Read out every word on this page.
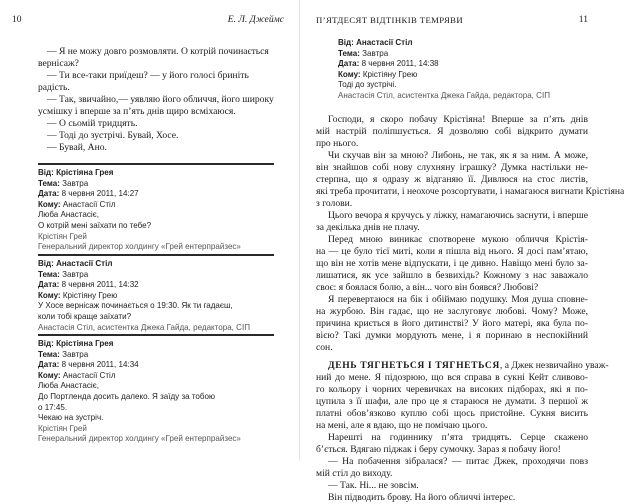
10	Е. Л. Джеймс

— Я не можу довго розмовляти. О котрій починається

вернісаж?

— Ти все-таки приїдеш? — у його голосі бриніть

радість.

— Так, звичайно,— уявляю його обличчя, його широку

усмішку і вперше за п’ять днів щиро всміхаюся.

— О сьомій тридцять.

— Тоді до зустрічі. Бувай, Хосе.

— Бувай, Ано.

Від: Крістіяна Грея
Тема: Завтра
Дата: 8 червня 2011, 14:27
Кому: Анастасії Стіл
Люба Анастасіє,
О котрій мені заїхати по тебе?
Крістіян Грей
Генеральний директор холдингу «Грей ентерпрайзес»
Від: Анастасії Стіл
Тема: Завтра
Дата: 8 червня 2011, 14:32
Кому: Крістіяну Грею
У Хосе вернісаж починається о 19:30. Як ти гадаєш,
коли тобі краще заїхати?
Анастасія Стіл, асистентка Джека Гайда, редактора, СІП
Від: Крістіяна Грея
Тема: Завтра
Дата: 8 червня 2011, 14:34
Кому: Анастасії Стіл
Люба Анастасіє,
До Портленда досить далеко. Я заїду за тобою
о 17:45.
Чекаю на зустріч.
Крістіян Грей
Генеральний директор холдингу «Грей ентерпрайзес»
П’ЯТДЕСЯТ ВІДТІНКІВ ТЕМРЯВИ	11
Від: Анастасії Стіл
Тема: Завтра
Дата: 8 червня 2011, 14:38
Кому: Крістіяну Грею
Тоді до зустрічі.
Анастасія Стіл, асистентка Джека Гайда, редактора, СІП
Господи, я скоро побачу Крістіяна! Вперше за п’ять днів
мій настрій поліпшується. Я дозволяю собі відкрито думати
про нього.
Чи скучав він за мною? Либонь, не так, як я за ним. А може,
він знайшов собі нову слухняну іграшку? Думка настільки не-
стерпна, що я одразу ж відганяю її. Дивлюся на стос листів,
які треба прочитати, і неохоче розсортувати, і намагаюся вигнати Крістіяна
з голови.
Цього вечора я кручусь у ліжку, намагаючись заснути, і вперше
за декілька днів не плачу.
Перед мною виникає спотворене мукою обличчя Крістія-
на — це було тієї миті, коли я пішла від нього. Я досі пам’ятаю,
що він не хотів мене відпускати, і це дивно. Навіщо мені було за-
лишатися, як усе зайшло в безвихідь? Кожному з нас заважало
своє: я боялася болю, а він... чого він боявся? Любові?
Я перевертаюся на бік і обіймаю подушку. Моя душа сповне-
на журбою. Він гадає, що не заслуговує любові. Чому? Може,
причина криється в його дитинстві? У його матері, яка була по-
вією? Такі думки мордують мене, і я поринаю в неспокійний
сон.
ДЕНЬ ТЯГНЕТЬСЯ І ТЯГНЕТЬСЯ, а Джек незвичайно уваж-
ний до мене. Я підозрюю, що вся справа в сукні Кейт сливово-
го кольору і чорних черевичках на високих підборах, які я по-
цупила з її шафи, але про це я стараюся не думати. З першої ж
платні обов’язково куплю собі щось пристойне. Сукня висить
на мені, але я вдаю, що не помічаю цього.
Нарешті на годиннику п’ята тридцять. Серце скажено
б’ється. Вдягаю піджак і беру сумочку. Зараз я побачу його!
— На побачення зібралася? — питає Джек, проходячи повз
мій стіл до виходу.
— Так. Ні... не зовсім.
Він підводить брову. На його обличчі інтерес.
